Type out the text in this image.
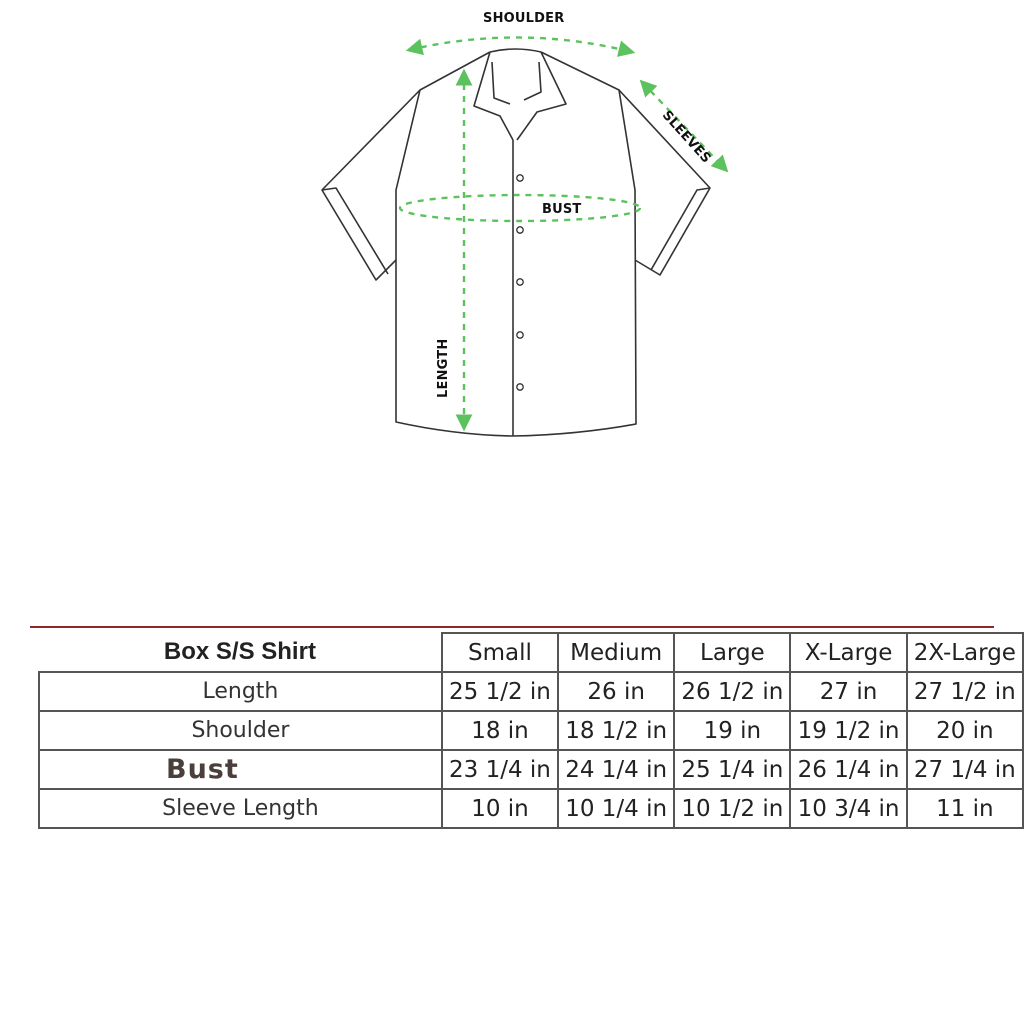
SHOULDER
SLEEVES
BUST
LENGTH
Box S/S Shirt	Small	Medium	Large	X-Large	2X-Large
Length	25 1/2 in	26 in	26 1/2 in	27 in	27 1/2 in
Shoulder	18 in	18 1/2 in	19 in	19 1/2 in	20 in
Bust	23 1/4 in	24 1/4 in	25 1/4 in	26 1/4 in	27 1/4 in
Sleeve Length	10 in	10 1/4 in	10 1/2 in	10 3/4 in	11 in
